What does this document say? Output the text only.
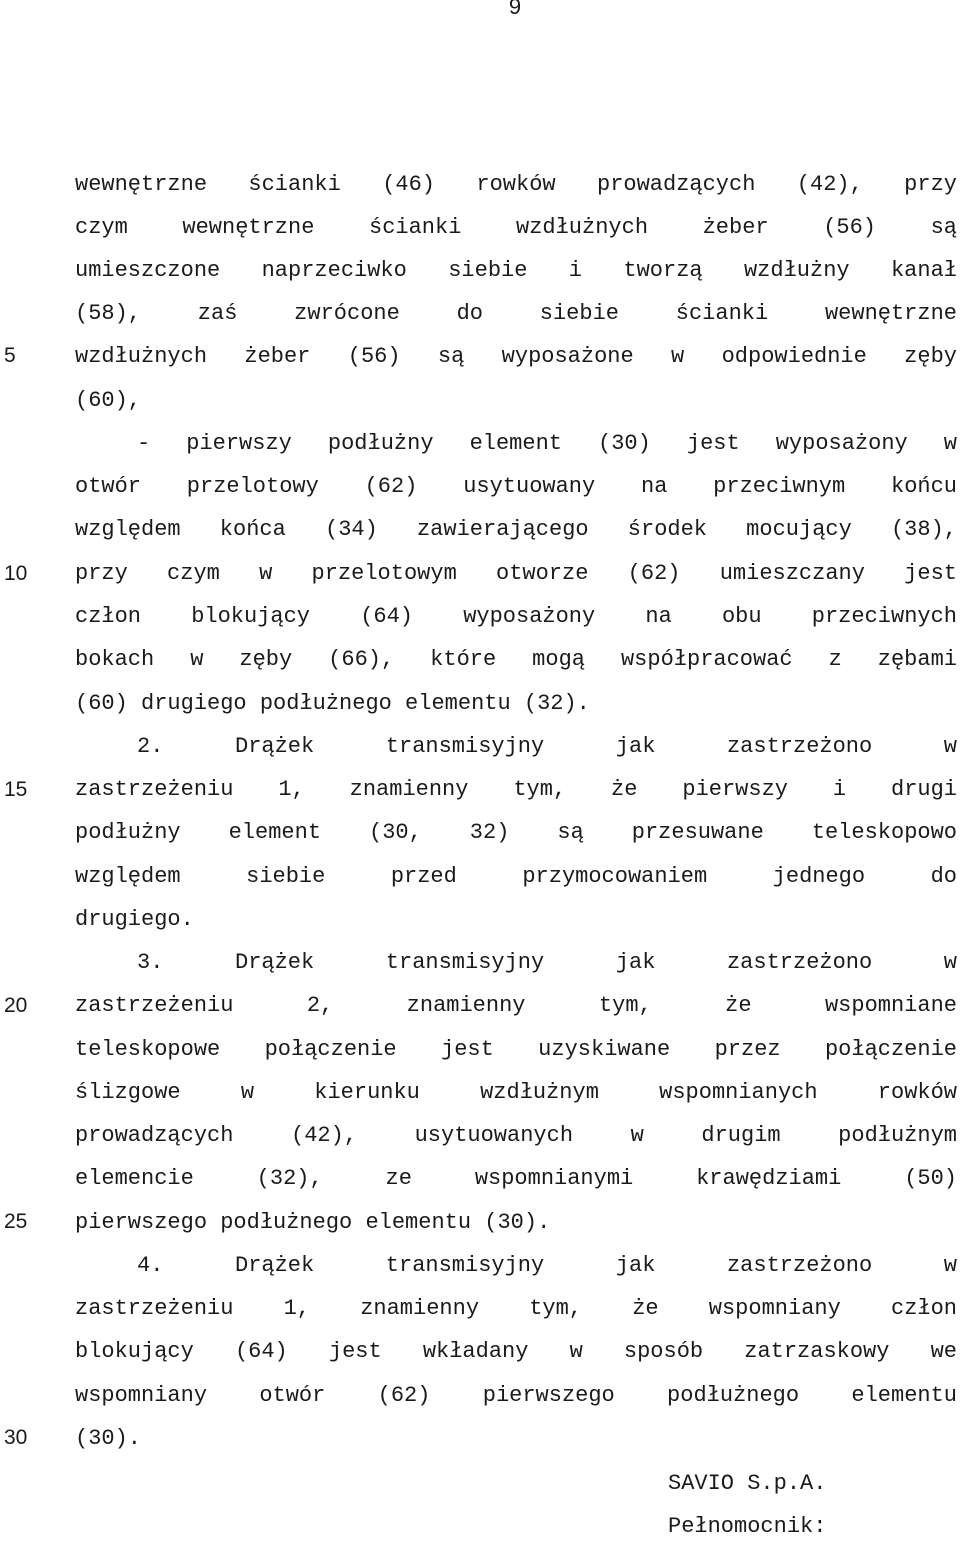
9
5
10
15
20
25
30
wewnętrzne ścianki (46) rowków prowadzących (42), przy
czym wewnętrzne ścianki wzdłużnych żeber (56) są
umieszczone naprzeciwko siebie i tworzą wzdłużny kanał
(58), zaś zwrócone do siebie ścianki wewnętrzne
wzdłużnych żeber (56) są wyposażone w odpowiednie zęby
(60),
- pierwszy podłużny element (30) jest wyposażony w
otwór przelotowy (62) usytuowany na przeciwnym końcu
względem końca (34) zawierającego środek mocujący (38),
przy czym w przelotowym otworze (62) umieszczany jest
człon blokujący (64) wyposażony na obu przeciwnych
bokach w zęby (66), które mogą współpracować z zębami
(60) drugiego podłużnego elementu (32).
2. Drążek transmisyjny jak zastrzeżono w
zastrzeżeniu 1, znamienny tym, że pierwszy i drugi
podłużny element (30, 32) są przesuwane teleskopowo
względem siebie przed przymocowaniem jednego do
drugiego.
3. Drążek transmisyjny jak zastrzeżono w
zastrzeżeniu 2, znamienny tym, że wspomniane
teleskopowe połączenie jest uzyskiwane przez połączenie
ślizgowe w kierunku wzdłużnym wspomnianych rowków
prowadzących (42), usytuowanych w drugim podłużnym
elemencie (32), ze wspomnianymi krawędziami (50)
pierwszego podłużnego elementu (30).
4. Drążek transmisyjny jak zastrzeżono w
zastrzeżeniu 1, znamienny tym, że wspomniany człon
blokujący (64) jest wkładany w sposób zatrzaskowy we
wspomniany otwór (62) pierwszego podłużnego elementu
(30).
SAVIO S.p.A.
Pełnomocnik:
